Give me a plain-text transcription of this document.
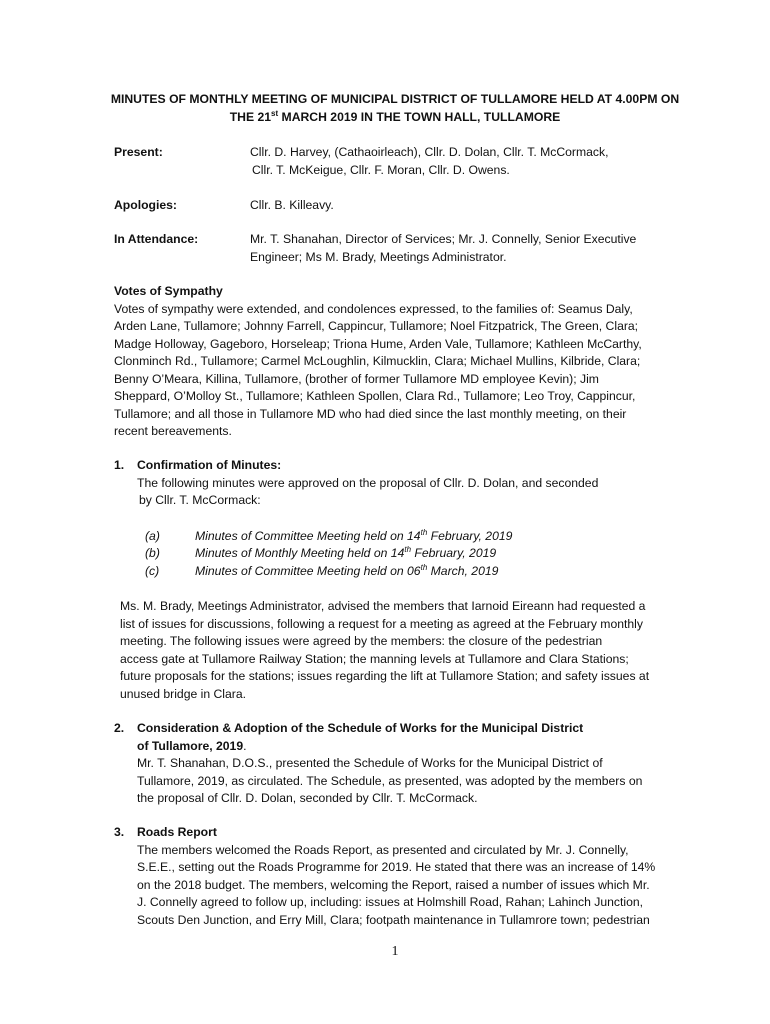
MINUTES OF MONTHLY MEETING OF MUNICIPAL DISTRICT OF TULLAMORE HELD AT 4.00PM ON
THE 21st MARCH 2019 IN THE TOWN HALL, TULLAMORE
Present:	Cllr. D. Harvey, (Cathaoirleach), Cllr. D. Dolan, Cllr. T. McCormack,
Cllr. T. McKeigue, Cllr. F. Moran, Cllr. D. Owens.
Apologies:	Cllr. B. Killeavy.
In Attendance:	Mr. T. Shanahan, Director of Services; Mr. J. Connelly, Senior Executive
Engineer; Ms M. Brady, Meetings Administrator.
Votes of Sympathy
Votes of sympathy were extended, and condolences expressed, to the families of: Seamus Daly,
Arden Lane, Tullamore; Johnny Farrell, Cappincur, Tullamore; Noel Fitzpatrick, The Green, Clara;
Madge Holloway, Gageboro, Horseleap; Triona Hume, Arden Vale, Tullamore; Kathleen McCarthy,
Clonminch Rd., Tullamore; Carmel McLoughlin, Kilmucklin, Clara; Michael Mullins, Kilbride, Clara;
Benny O’Meara, Killina, Tullamore, (brother of former Tullamore MD employee Kevin); Jim
Sheppard, O’Molloy St., Tullamore; Kathleen Spollen, Clara Rd., Tullamore; Leo Troy, Cappincur,
Tullamore; and all those in Tullamore MD who had died since the last monthly meeting, on their
recent bereavements.
1. Confirmation of Minutes:
The following minutes were approved on the proposal of Cllr. D. Dolan, and seconded
by Cllr. T. McCormack:
(a)	Minutes of Committee Meeting held on 14th February, 2019
(b)	Minutes of Monthly Meeting held on 14th February, 2019
(c)	Minutes of Committee Meeting held on 06th March, 2019
Ms. M. Brady, Meetings Administrator, advised the members that Iarnoid Eireann had requested a
list of issues for discussions, following a request for a meeting as agreed at the February monthly
meeting. The following issues were agreed by the members: the closure of the pedestrian
access gate at Tullamore Railway Station; the manning levels at Tullamore and Clara Stations;
future proposals for the stations; issues regarding the lift at Tullamore Station; and safety issues at
unused bridge in Clara.
2. Consideration & Adoption of the Schedule of Works for the Municipal District
of Tullamore, 2019.
Mr. T. Shanahan, D.O.S., presented the Schedule of Works for the Municipal District of
Tullamore, 2019, as circulated. The Schedule, as presented, was adopted by the members on
the proposal of Cllr. D. Dolan, seconded by Cllr. T. McCormack.
3. Roads Report
The members welcomed the Roads Report, as presented and circulated by Mr. J. Connelly,
S.E.E., setting out the Roads Programme for 2019. He stated that there was an increase of 14%
on the 2018 budget. The members, welcoming the Report, raised a number of issues which Mr.
J. Connelly agreed to follow up, including: issues at Holmshill Road, Rahan; Lahinch Junction,
Scouts Den Junction, and Erry Mill, Clara; footpath maintenance in Tullamrore town; pedestrian
1
